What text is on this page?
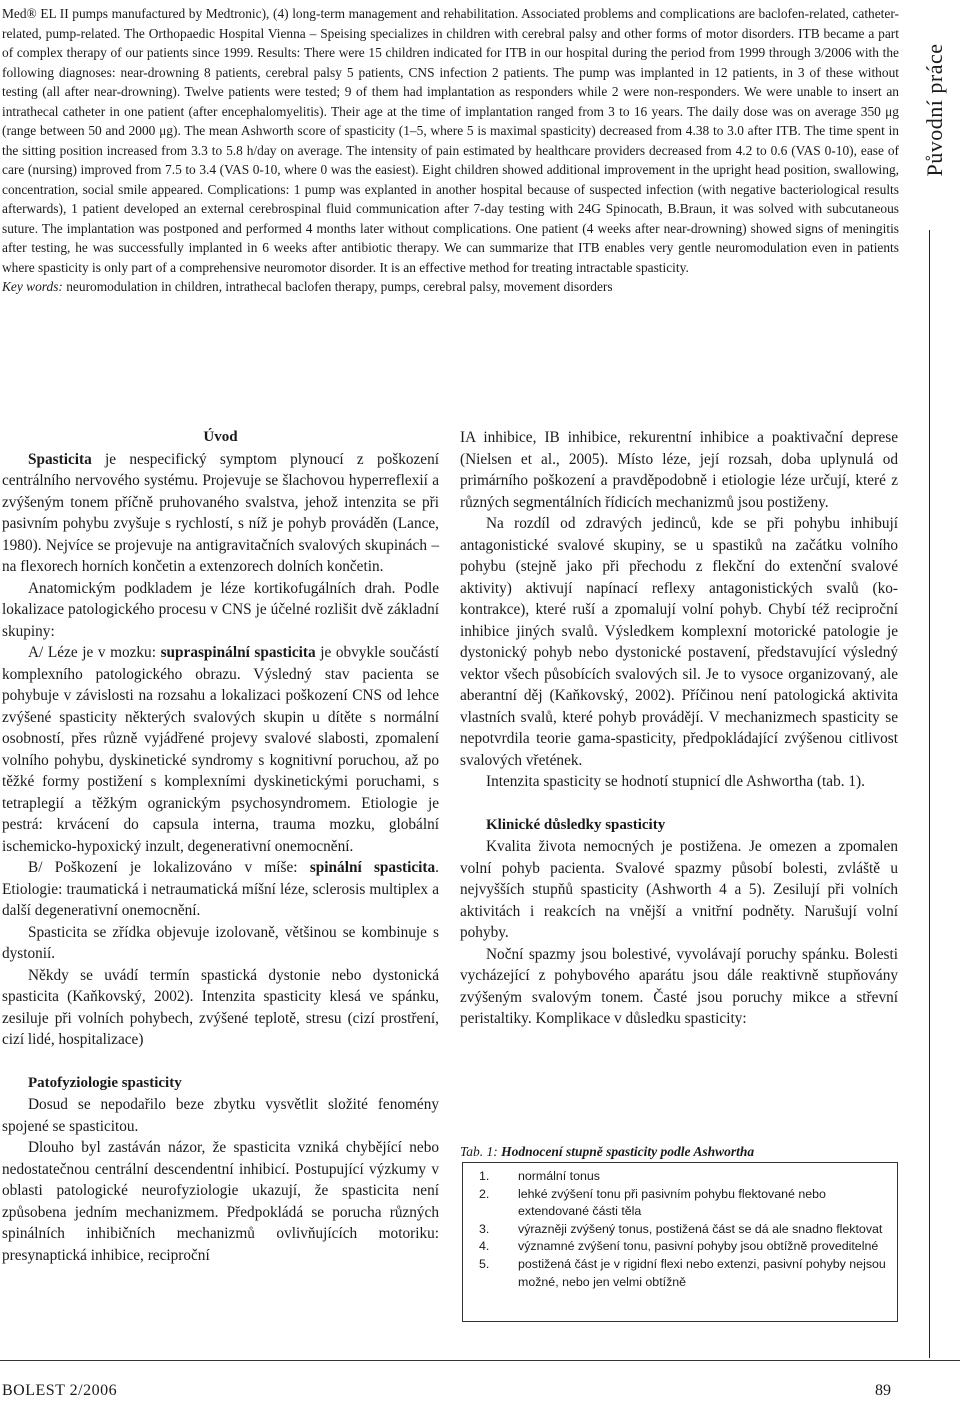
Med® EL II pumps manufactured by Medtronic), (4) long-term management and rehabilitation. Associated problems and complications are baclofen-related, catheter-related, pump-related. The Orthopaedic Hospital Vienna – Speising specializes in children with cerebral palsy and other forms of motor disorders. ITB became a part of complex therapy of our patients since 1999. Results: There were 15 children indicated for ITB in our hospital during the period from 1999 through 3/2006 with the following diagnoses: near-drowning 8 patients, cerebral palsy 5 patients, CNS infection 2 patients. The pump was implanted in 12 patients, in 3 of these without testing (all after near-drowning). Twelve patients were tested; 9 of them had implantation as responders while 2 were non-responders. We were unable to insert an intrathecal catheter in one patient (after encephalomyelitis). Their age at the time of implantation ranged from 3 to 16 years. The daily dose was on average 350 μg (range between 50 and 2000 μg). The mean Ashworth score of spasticity (1–5, where 5 is maximal spasticity) decreased from 4.38 to 3.0 after ITB. The time spent in the sitting position increased from 3.3 to 5.8 h/day on average. The intensity of pain estimated by healthcare providers decreased from 4.2 to 0.6 (VAS 0-10), ease of care (nursing) improved from 7.5 to 3.4 (VAS 0-10, where 0 was the easiest). Eight children showed additional improvement in the upright head position, swallowing, concentration, social smile appeared. Complications: 1 pump was explanted in another hospital because of suspected infection (with negative bacteriological results afterwards), 1 patient developed an external cerebrospinal fluid communication after 7-day testing with 24G Spinocath, B.Braun, it was solved with subcutaneous suture. The implantation was postponed and performed 4 months later without complications. One patient (4 weeks after near-drowning) showed signs of meningitis after testing, he was successfully implanted in 6 weeks after antibiotic therapy. We can summarize that ITB enables very gentle neuromodulation even in patients where spasticity is only part of a comprehensive neuromotor disorder. It is an effective method for treating intractable spasticity.

Key words: neuromodulation in children, intrathecal baclofen therapy, pumps, cerebral palsy, movement disorders

Původní práce
Úvod

Spasticita je nespecifický symptom plynoucí z poškození centrálního nervového systému. Projevuje se šlachovou hyperreflexií a zvýšeným tonem příčně pruhovaného svalstva, jehož intenzita se při pasivním pohybu zvyšuje s rychlostí, s níž je pohyb prováděn (Lance, 1980). Nejvíce se projevuje na antigravitačních svalových skupinách – na flexorech horních končetin a extenzorech dolních končetin.

Anatomickým podkladem je léze kortikofugálních drah. Podle lokalizace patologického procesu v CNS je účelné rozlišit dvě základní skupiny:

A/ Léze je v mozku: supraspinální spasticita je obvykle součástí komplexního patologického obrazu. Výsledný stav pacienta se pohybuje v závislosti na rozsahu a lokalizaci poškození CNS od lehce zvýšené spasticity některých svalových skupin u dítěte s normální osobností, přes různě vyjádřené projevy svalové slabosti, zpomalení volního pohybu, dyskinetické syndromy s kognitivní poruchou, až po těžké formy postižení s komplexními dyskinetickými poruchami, s tetraplegií a těžkým ogranickým psychosyndromem. Etiologie je pestrá: krvácení do capsula interna, trauma mozku, globální ischemicko-hypoxický inzult, degenerativní onemocnění.

B/ Poškození je lokalizováno v míše: spinální spasticita. Etiologie: traumatická i netraumatická míšní léze, sclerosis multiplex a další degenerativní onemocnění.

Spasticita se zřídka objevuje izolovaně, většinou se kombinuje s dystonií.

Někdy se uvádí termín spastická dystonie nebo dystonická spasticita (Kaňkovský, 2002). Intenzita spasticity klesá ve spánku, zesiluje při volních pohybech, zvýšené teplotě, stresu (cizí prostření, cizí lidé, hospitalizace)

Patofyziologie spasticity

Dosud se nepodařilo beze zbytku vysvětlit složité fenomény spojené se spasticitou.

Dlouho byl zastáván názor, že spasticita vzniká chybějící nebo nedostatečnou centrální descendentní inhibicí. Postupující výzkumy v oblasti patologické neurofyziologie ukazují, že spasticita není způsobena jedním mechanizmem. Předpokládá se porucha různých spinálních inhibičních mechanizmů ovlivňujících motoriku: presynaptická inhibice, reciproční

IA inhibice, IB inhibice, rekurentní inhibice a poaktivační deprese (Nielsen et al., 2005). Místo léze, její rozsah, doba uplynulá od primárního poškození a pravděpodobně i etiologie léze určují, které z různých segmentálních řídicích mechanizmů jsou postiženy.

Na rozdíl od zdravých jedinců, kde se při pohybu inhibují antagonistické svalové skupiny, se u spastiků na začátku volního pohybu (stejně jako při přechodu z flekční do extenční svalové aktivity) aktivují napínací reflexy antagonistických svalů (ko-kontrakce), které ruší a zpomalují volní pohyb. Chybí též reciproční inhibice jiných svalů. Výsledkem komplexní motorické patologie je dystonický pohyb nebo dystonické postavení, představující výsledný vektor všech působících svalových sil. Je to vysoce organizovaný, ale aberantní děj (Kaňkovský, 2002). Příčinou není patologická aktivita vlastních svalů, které pohyb provádějí. V mechanizmech spasticity se nepotvrdila teorie gama-spasticity, předpokládající zvýšenou citlivost svalových vřetének.

Intenzita spasticity se hodnotí stupnicí dle Ashwortha (tab. 1).

Klinické důsledky spasticity

Kvalita života nemocných je postižena. Je omezen a zpomalen volní pohyb pacienta. Svalové spazmy působí bolesti, zvláště u nejvyšších stupňů spasticity (Ashworth 4 a 5). Zesilují při volních aktivitách i reakcích na vnější a vnitřní podněty. Narušují volní pohyby.

Noční spazmy jsou bolestivé, vyvolávají poruchy spánku. Bolesti vycházející z pohybového aparátu jsou dále reaktivně stupňovány zvýšeným svalovým tonem. Časté jsou poruchy mikce a střevní peristaltiky. Komplikace v důsledku spasticity:

Tab. 1: Hodnocení stupně spasticity podle Ashwortha
1.	normální tonus
2.	lehké zvýšení tonu při pasivním pohybu flektované nebo extendované části těla
3.	výrazněji zvýšený tonus, postižená část se dá ale snadno flektovat
4.	významné zvýšení tonu, pasivní pohyby jsou obtížně proveditelné
5.	postižená část je v rigidní flexi nebo extenzi, pasivní pohyby nejsou možné, nebo jen velmi obtížně
BOLEST 2/2006	89
